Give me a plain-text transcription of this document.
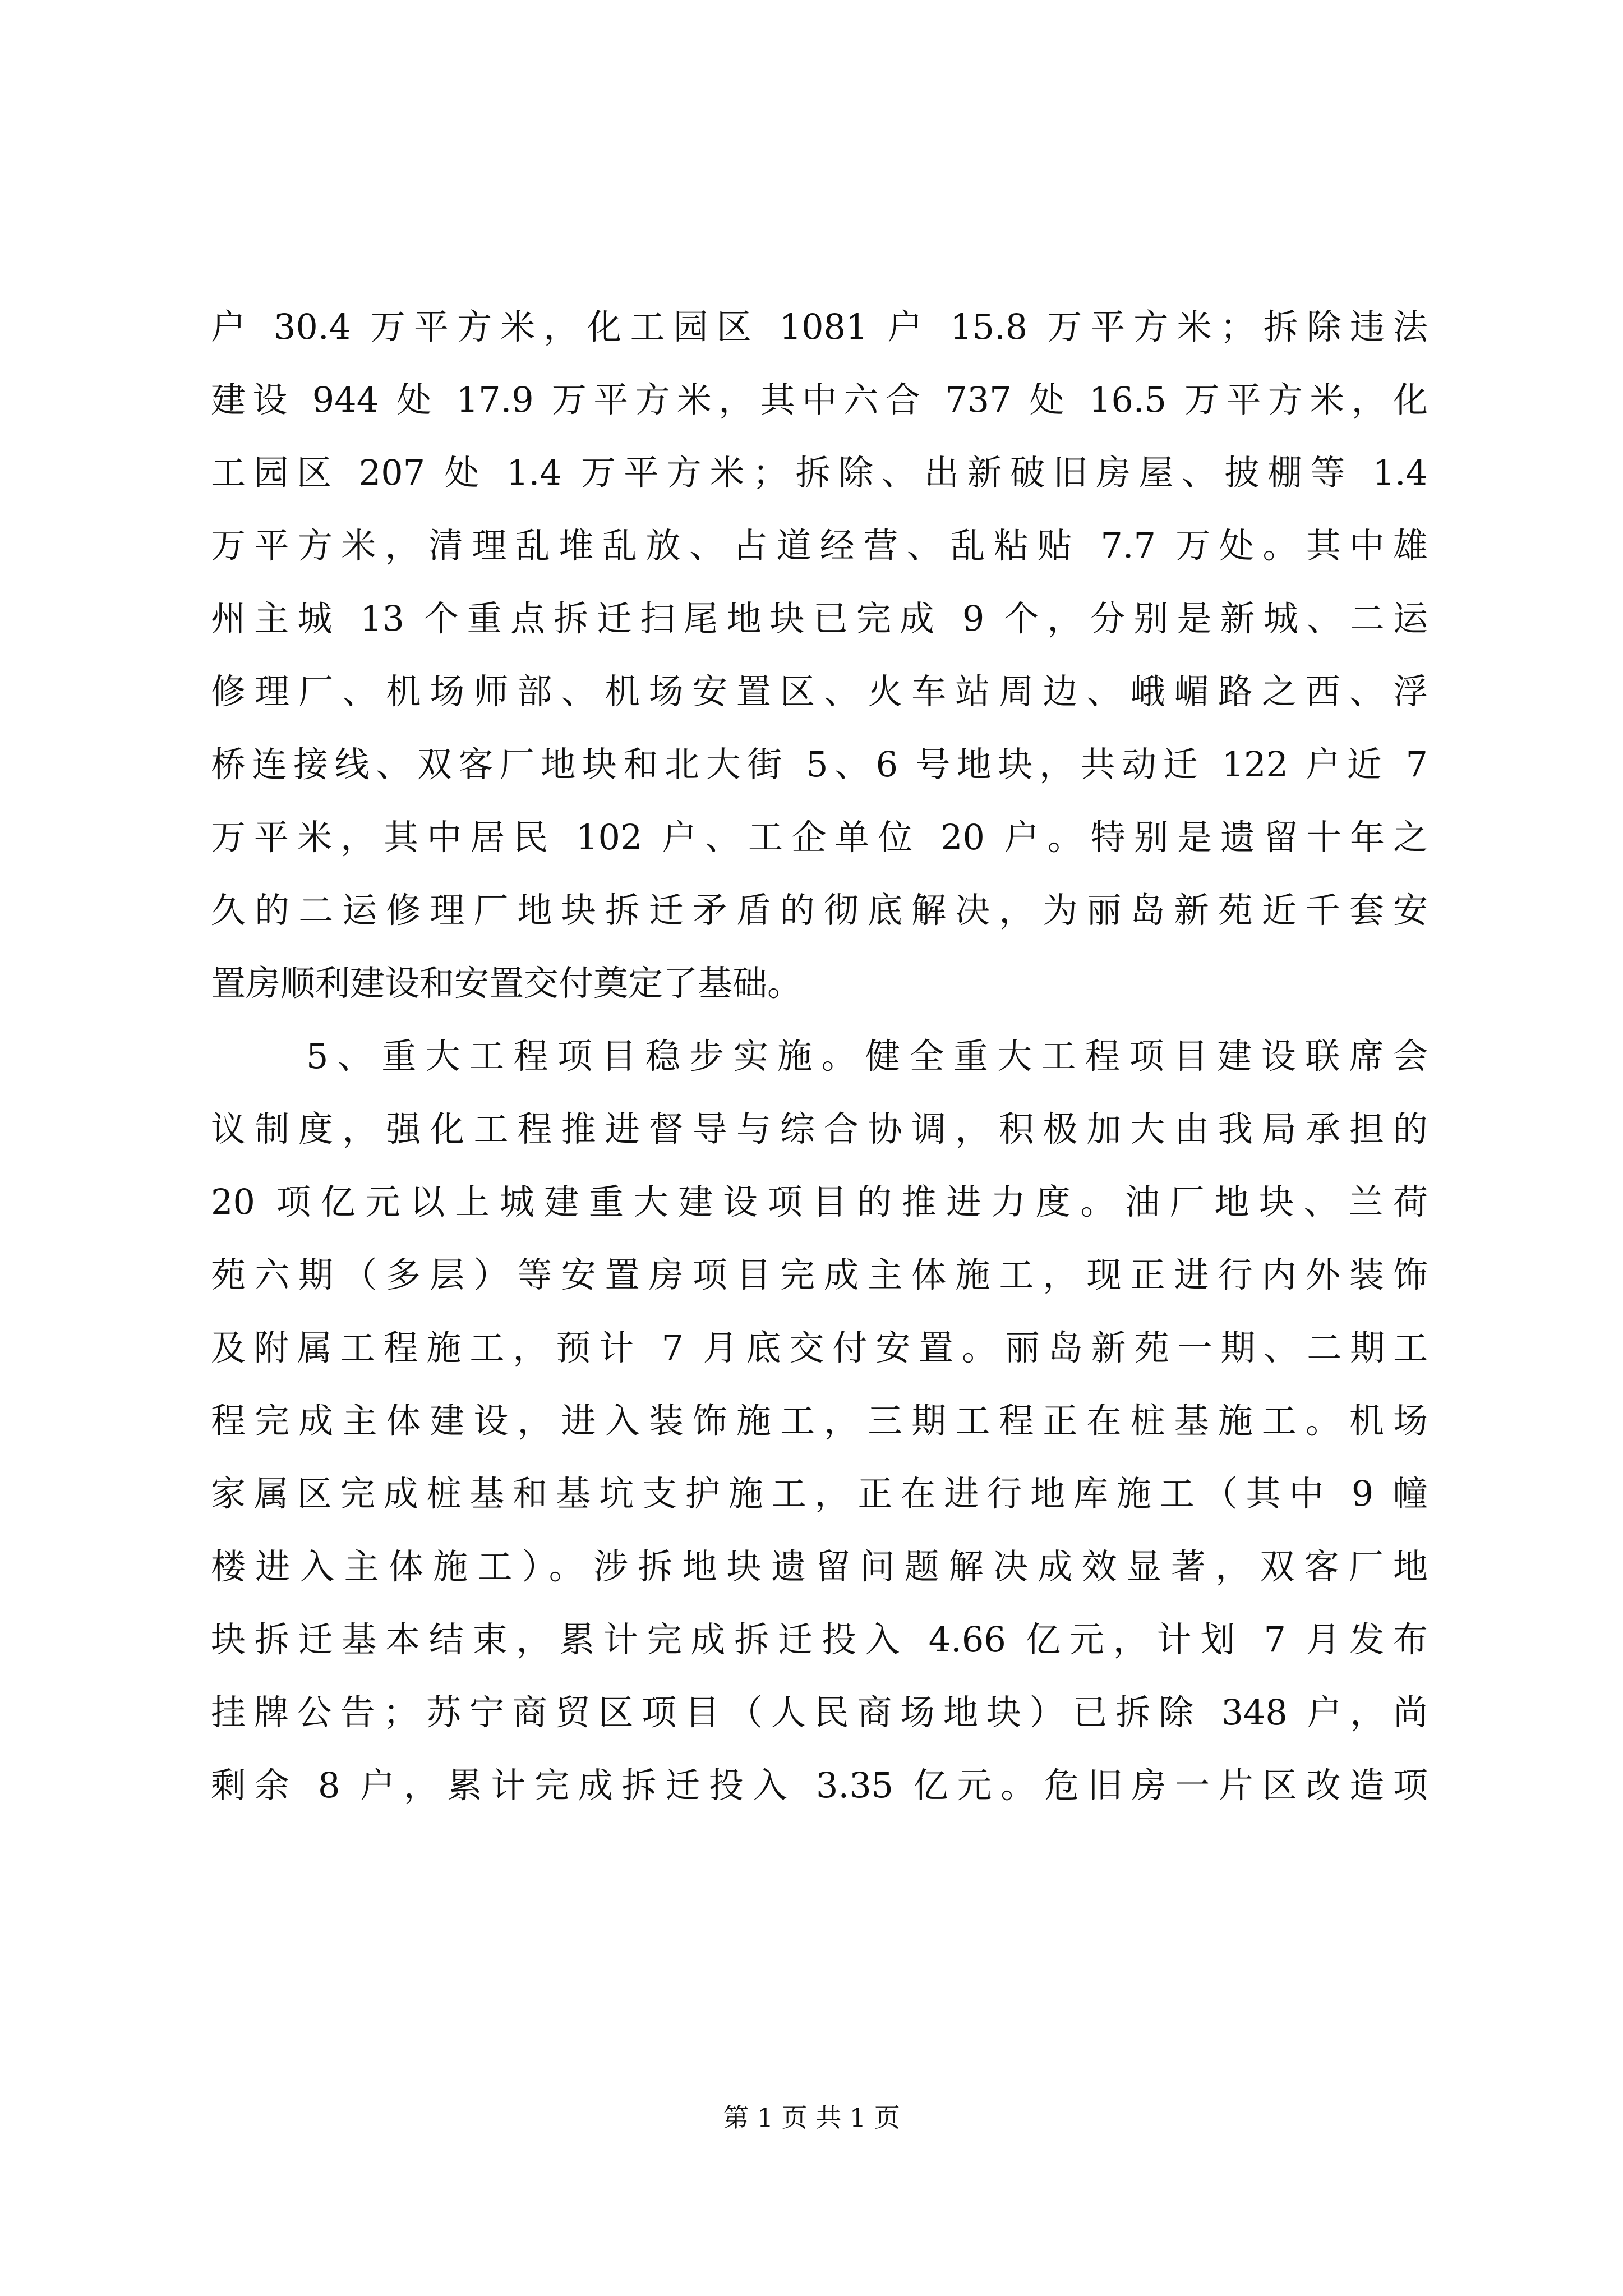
户 30.4 万平方米，化工园区 1081 户 15.8 万平方米；拆除违法
建设 944 处 17.9 万平方米，其中六合 737 处 16.5 万平方米，化
工园区 207 处 1.4 万平方米；拆除、出新破旧房屋、披棚等 1.4
万平方米，清理乱堆乱放、占道经营、乱粘贴 7.7 万处。其中雄
州主城 13 个重点拆迁扫尾地块已完成 9 个，分别是新城、二运
修理厂、机场师部、机场安置区、火车站周边、峨嵋路之西、浮
桥连接线、双客厂地块和北大街 5、6 号地块，共动迁 122 户近 7
万平米，其中居民 102 户、工企单位 20 户。特别是遗留十年之
久的二运修理厂地块拆迁矛盾的彻底解决，为丽岛新苑近千套安
置房顺利建设和安置交付奠定了基础。
5、重大工程项目稳步实施。健全重大工程项目建设联席会
议制度，强化工程推进督导与综合协调，积极加大由我局承担的
20 项亿元以上城建重大建设项目的推进力度。油厂地块、兰荷
苑六期（多层）等安置房项目完成主体施工，现正进行内外装饰
及附属工程施工，预计 7 月底交付安置。丽岛新苑一期、二期工
程完成主体建设，进入装饰施工，三期工程正在桩基施工。机场
家属区完成桩基和基坑支护施工，正在进行地库施工（其中 9 幢
楼进入主体施工）。涉拆地块遗留问题解决成效显著，双客厂地
块拆迁基本结束，累计完成拆迁投入 4.66 亿元，计划 7 月发布
挂牌公告；苏宁商贸区项目（人民商场地块）已拆除 348 户，尚
剩余 8 户，累计完成拆迁投入 3.35 亿元。危旧房一片区改造项
第 1 页 共 1 页
